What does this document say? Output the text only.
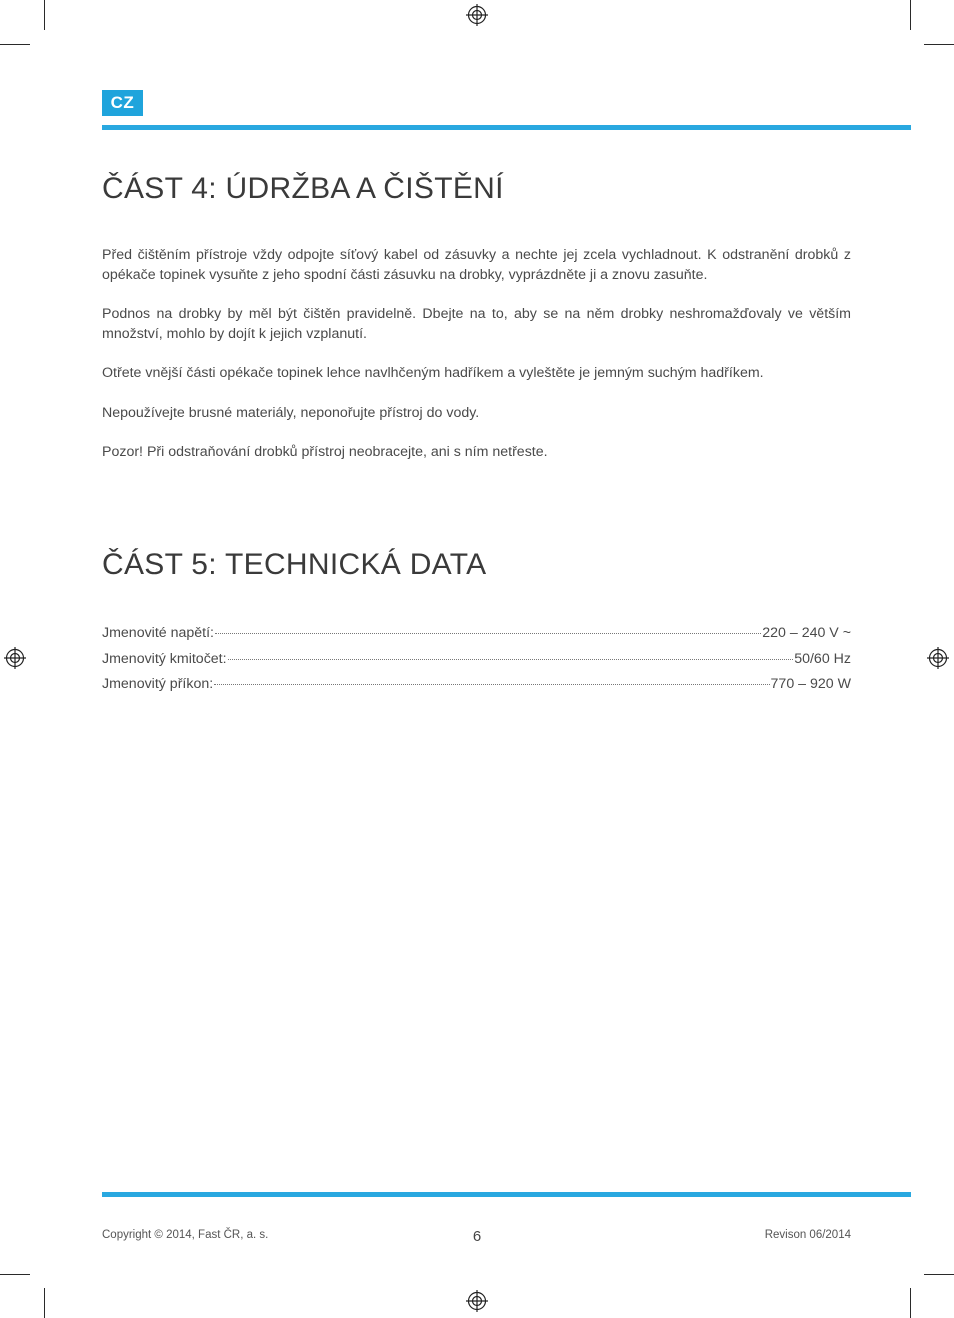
CZ
ČÁST 4: ÚDRŽBA A ČIŠTĚNÍ

Před čištěním přístroje vždy odpojte síťový kabel od zásuvky a nechte jej zcela vychladnout. K odstranění drobků z opékače topinek vysuňte z jeho spodní části zásuvku na drobky, vyprázdněte ji a znovu zasuňte.

Podnos na drobky by měl být čištěn pravidelně. Dbejte na to, aby se na něm drobky neshromažďovaly ve větším množství, mohlo by dojít k jejich vzplanutí.

Otřete vnější části opékače topinek lehce navlhčeným hadříkem a vyleštěte je jemným suchým hadříkem.

Nepoužívejte brusné materiály, neponořujte přístroj do vody.

Pozor! Při odstraňování drobků přístroj neobracejte, ani s ním netřeste.

ČÁST 5: TECHNICKÁ DATA
Jmenovité napětí:	220 – 240 V ~
Jmenovitý kmitočet:	50/60 Hz
Jmenovitý příkon:	770 – 920 W
Copyright © 2014, Fast ČR, a. s.	6	Revison 06/2014
